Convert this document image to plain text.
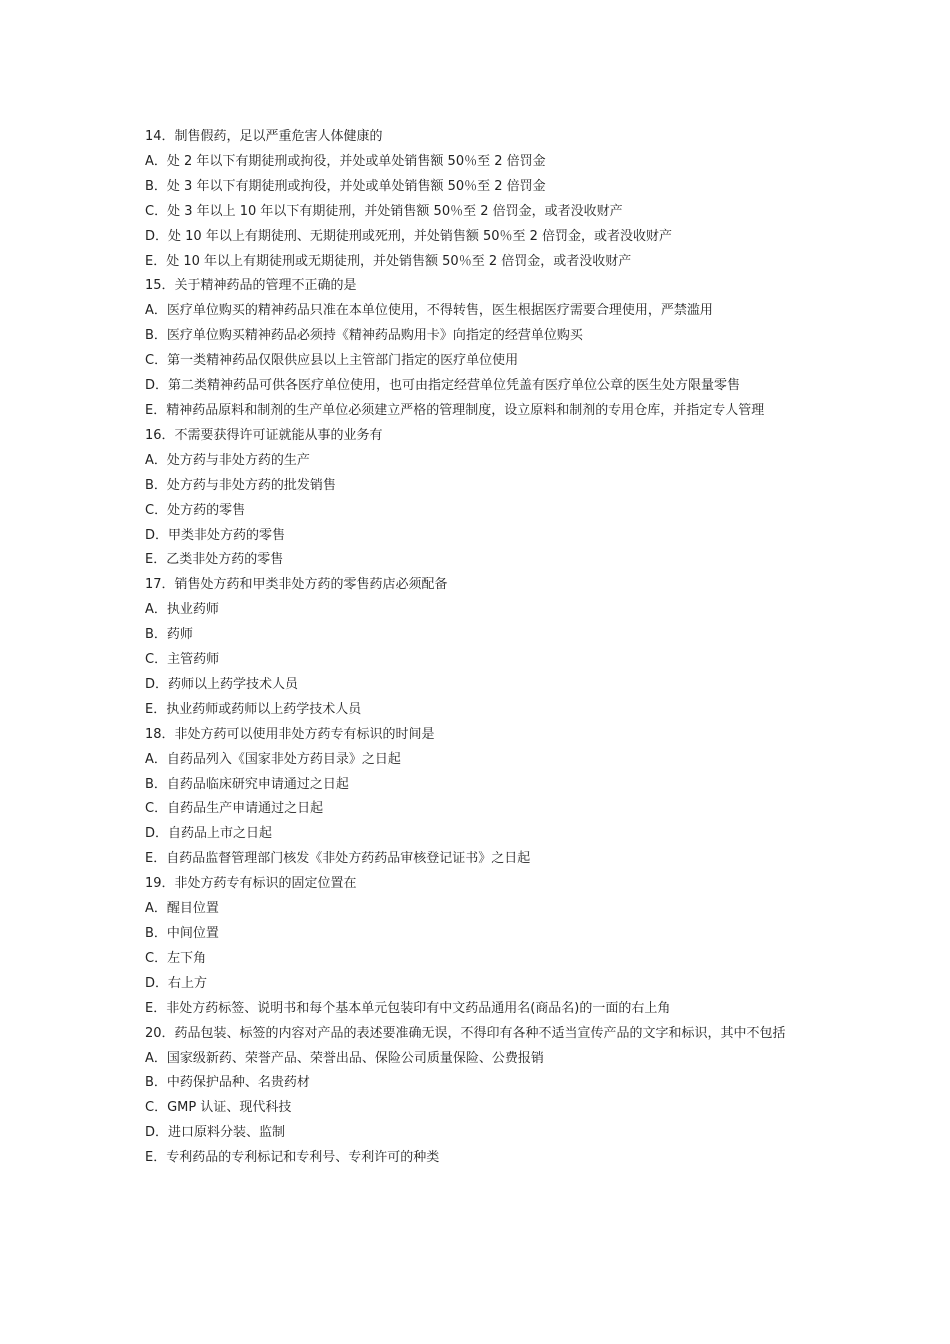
14．制售假药，足以严重危害人体健康的

A．处 2 年以下有期徒刑或拘役，并处或单处销售额 50％至 2 倍罚金

B．处 3 年以下有期徒刑或拘役，并处或单处销售额 50％至 2 倍罚金

C．处 3 年以上 10 年以下有期徒刑，并处销售额 50％至 2 倍罚金，或者没收财产

D．处 10 年以上有期徒刑、无期徒刑或死刑，并处销售额 50％至 2 倍罚金，或者没收财产

E．处 10 年以上有期徒刑或无期徒刑，并处销售额 50％至 2 倍罚金，或者没收财产

15．关于精神药品的管理不正确的是

A．医疗单位购买的精神药品只准在本单位使用，不得转售，医生根据医疗需要合理使用，严禁滥用

B．医疗单位购买精神药品必须持《精神药品购用卡》向指定的经营单位购买

C．第一类精神药品仅限供应县以上主管部门指定的医疗单位使用

D．第二类精神药品可供各医疗单位使用，也可由指定经营单位凭盖有医疗单位公章的医生处方限量零售

E．精神药品原料和制剂的生产单位必须建立严格的管理制度，设立原料和制剂的专用仓库，并指定专人管理

16．不需要获得许可证就能从事的业务有

A．处方药与非处方药的生产

B．处方药与非处方药的批发销售

C．处方药的零售

D．甲类非处方药的零售

E．乙类非处方药的零售

17．销售处方药和甲类非处方药的零售药店必须配备

A．执业药师

B．药师

C．主管药师

D．药师以上药学技术人员

E．执业药师或药师以上药学技术人员

18．非处方药可以使用非处方药专有标识的时间是

A．自药品列入《国家非处方药目录》之日起

B．自药品临床研究申请通过之日起

C．自药品生产申请通过之日起

D．自药品上市之日起

E．自药品监督管理部门核发《非处方药药品审核登记证书》之日起

19．非处方药专有标识的固定位置在

A．醒目位置

B．中间位置

C．左下角

D．右上方

E．非处方药标签、说明书和每个基本单元包装印有中文药品通用名(商品名)的一面的右上角

20．药品包装、标签的内容对产品的表述要准确无误，不得印有各种不适当宣传产品的文字和标识，其中不包括

A．国家级新药、荣誉产品、荣誉出品、保险公司质量保险、公费报销

B．中药保护品种、名贵药材

C．GMP 认证、现代科技

D．进口原料分装、监制

E．专利药品的专利标记和专利号、专利许可的种类
